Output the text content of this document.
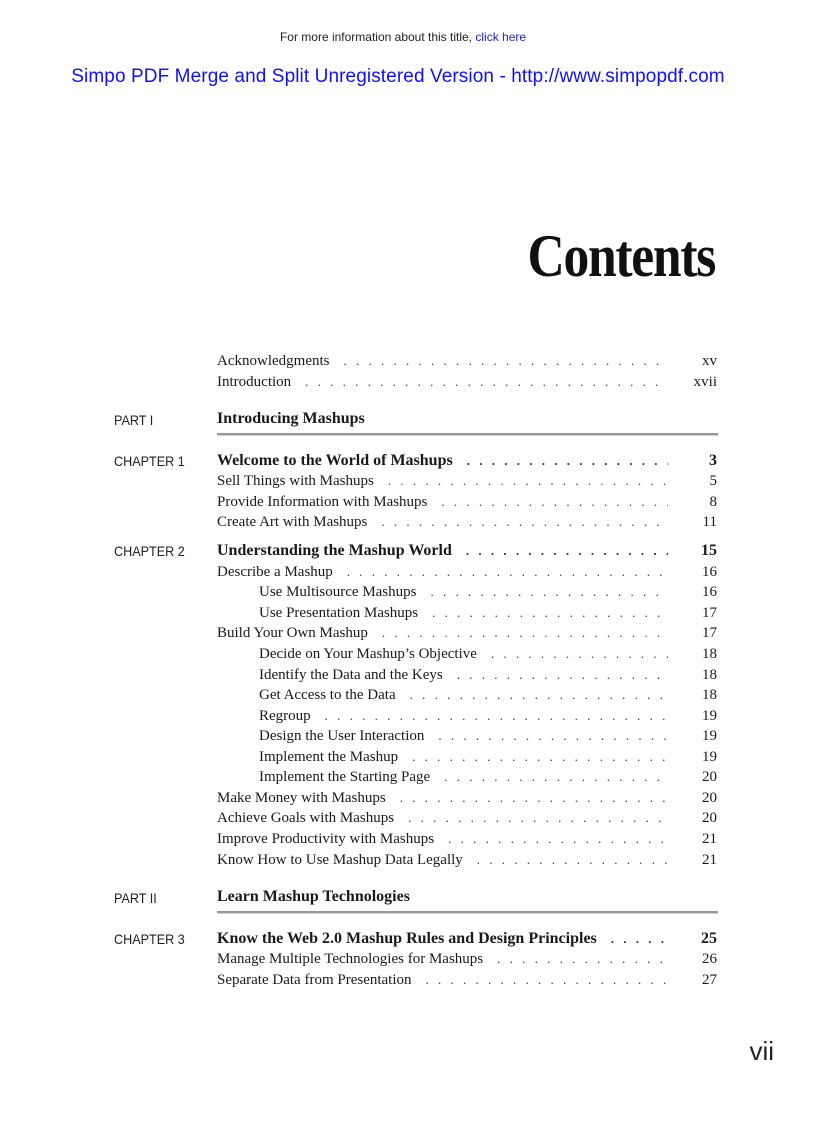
For more information about this title, click here
Simpo PDF Merge and Split Unregistered Version - http://www.simpopdf.com
Contents
Acknowledgments . . .	xv
Introduction . . .	xvii
PART I	Introducing Mashups
CHAPTER 1 Welcome to the World of Mashups . . .	3
Sell Things with Mashups . . .	5
Provide Information with Mashups . . .	8
Create Art with Mashups . . .	11
CHAPTER 2 Understanding the Mashup World . . .	15
Describe a Mashup . . .	16
Use Multisource Mashups . . .	16
Use Presentation Mashups . . .	17
Build Your Own Mashup . . .	17
Decide on Your Mashup’s Objective . . .	18
Identify the Data and the Keys . . .	18
Get Access to the Data . . .	18
Regroup . . .	19
Design the User Interaction . . .	19
Implement the Mashup . . .	19
Implement the Starting Page . . .	20
Make Money with Mashups . . .	20
Achieve Goals with Mashups . . .	20
Improve Productivity with Mashups . . .	21
Know How to Use Mashup Data Legally . . .	21
PART II	Learn Mashup Technologies
CHAPTER 3 Know the Web 2.0 Mashup Rules and Design Principles . . .	25
Manage Multiple Technologies for Mashups . . .	26
Separate Data from Presentation . . .	27
vii
